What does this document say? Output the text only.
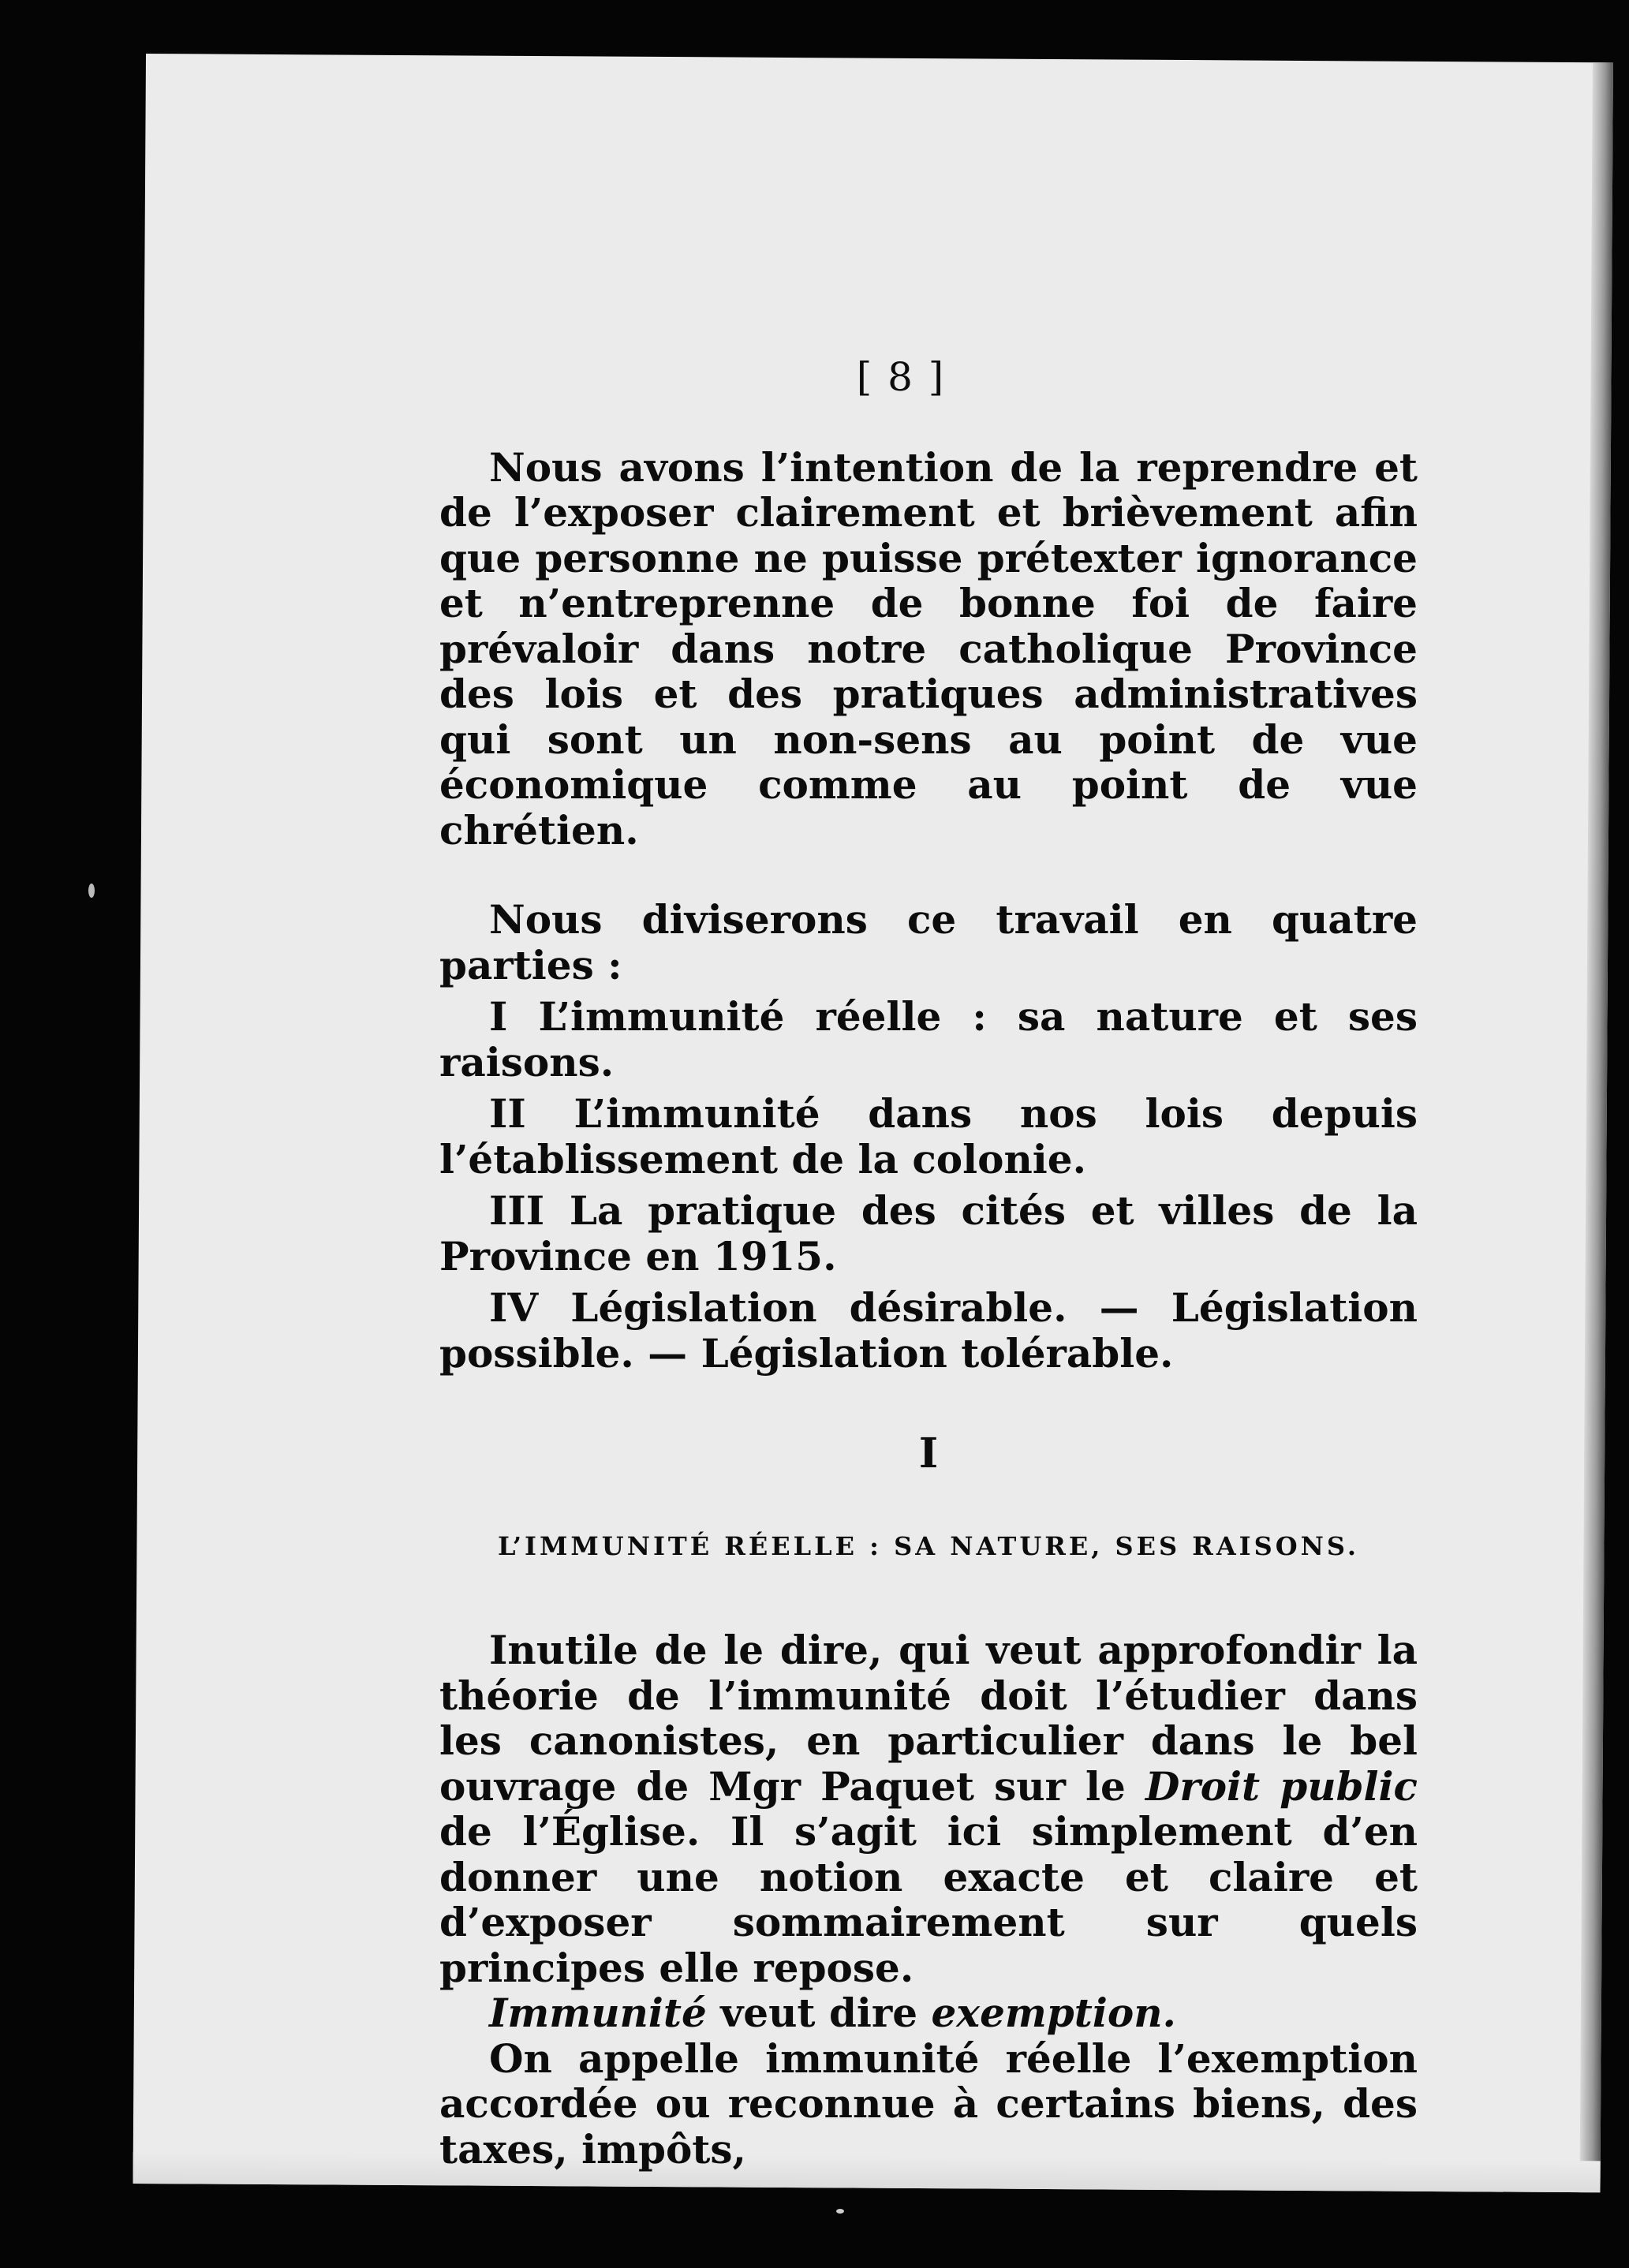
[ 8 ]

Nous avons l’intention de la reprendre et de l’exposer clairement et brièvement afin que personne ne puisse prétexter ignorance et n’entreprenne de bonne foi de faire prévaloir dans notre catholique Province des lois et des pratiques administratives qui sont un non-sens au point de vue économique comme au point de vue chrétien.

Nous diviserons ce travail en quatre parties :

I L’immunité réelle : sa nature et ses raisons.

II L’immunité dans nos lois depuis l’établissement de la colonie.

III La pratique des cités et villes de la Province en 1915.

IV Législation désirable. — Législation possible. — Législation tolérable.

I
L’IMMUNITÉ RÉELLE : SA NATURE, SES RAISONS.

Inutile de le dire, qui veut approfondir la théorie de l’immunité doit l’étudier dans les canonistes, en particulier dans le bel ouvrage de Mgr Paquet sur le Droit public de l’Église. Il s’agit ici simplement d’en donner une notion exacte et claire et d’exposer sommairement sur quels principes elle repose.

Immunité veut dire exemption.

On appelle immunité réelle l’exemption accordée ou reconnue à certains biens, des taxes, impôts,
